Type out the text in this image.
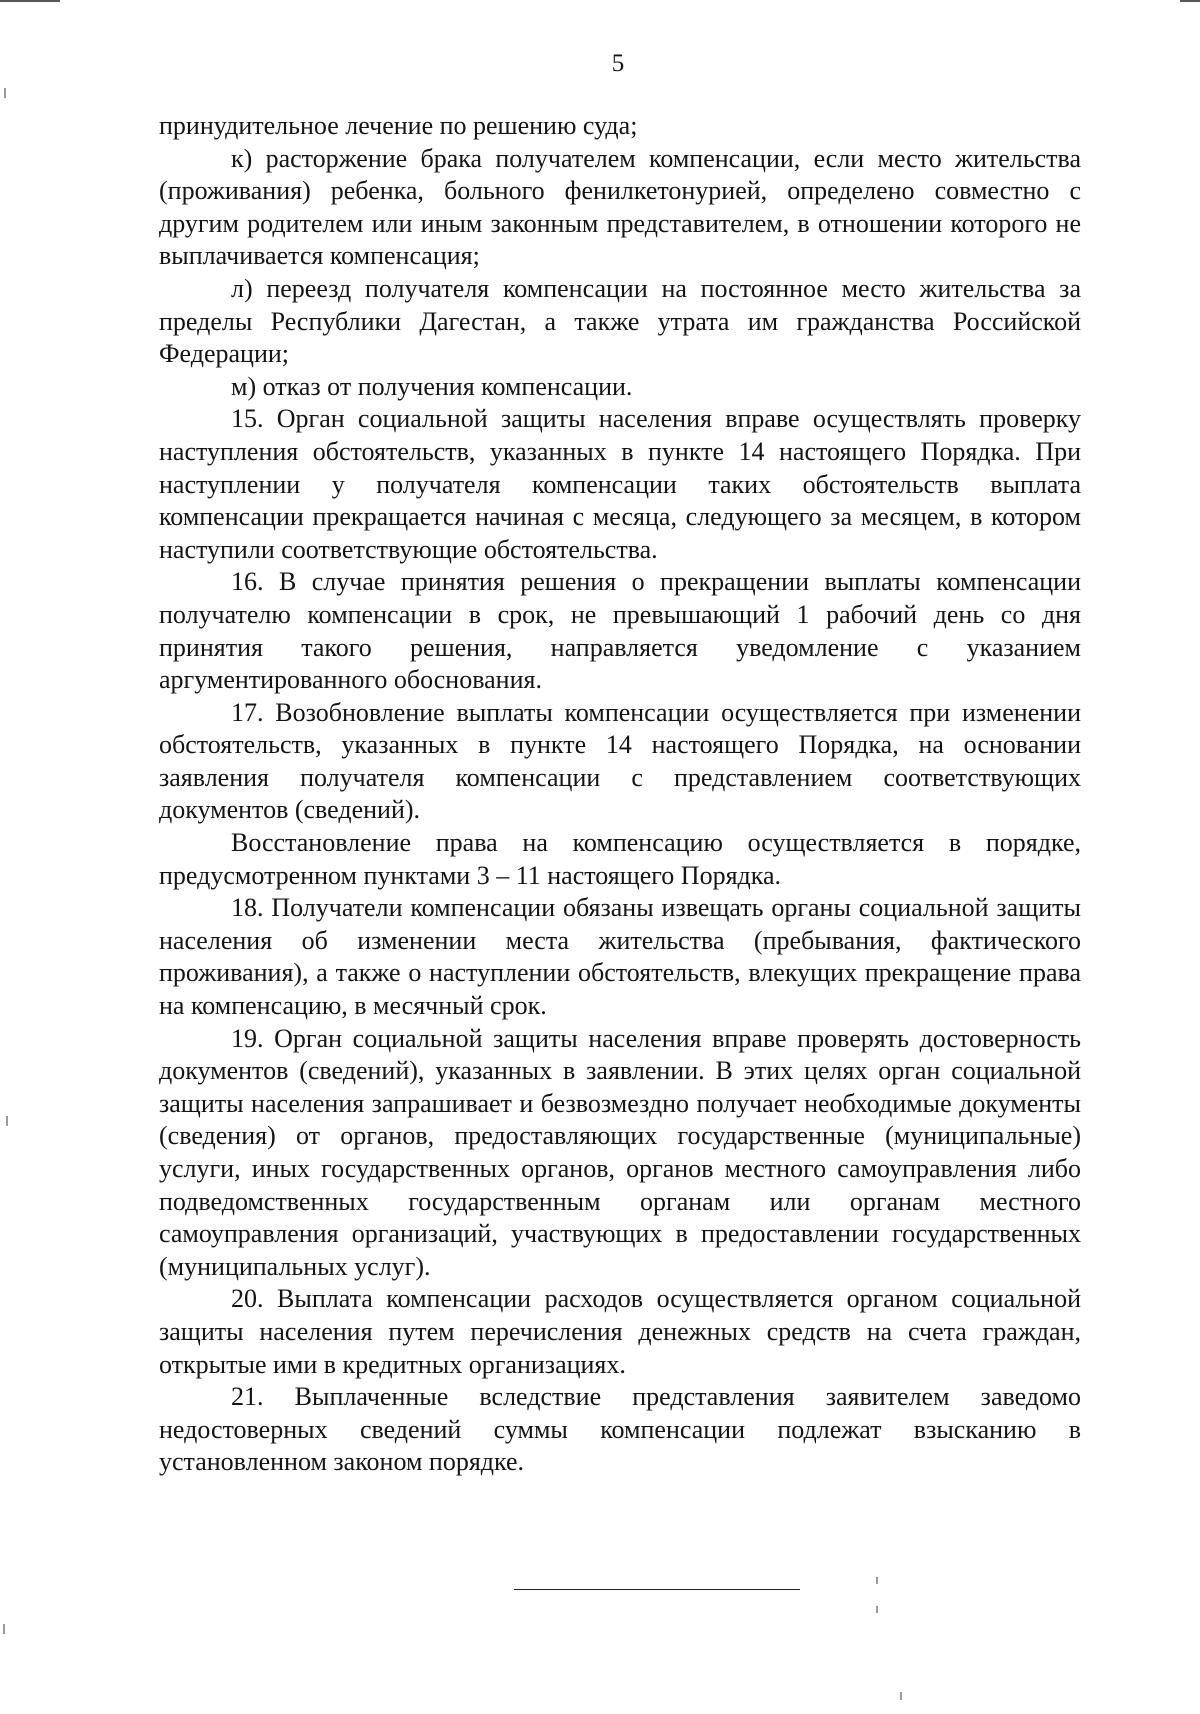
5

принудительное лечение по решению суда;

к) расторжение брака получателем компенсации, если место жительства (проживания) ребенка, больного фенилкетонурией, определено совместно с другим родителем или иным законным представителем, в отношении которого не выплачивается компенсация;

л) переезд получателя компенсации на постоянное место жительства за пределы Республики Дагестан, а также утрата им гражданства Российской Федерации;

м) отказ от получения компенсации.

15. Орган социальной защиты населения вправе осуществлять проверку наступления обстоятельств, указанных в пункте 14 настоящего Порядка. При наступлении у получателя компенсации таких обстоятельств выплата компенсации прекращается начиная с месяца, следующего за месяцем, в котором наступили соответствующие обстоятельства.

16. В случае принятия решения о прекращении выплаты компенсации получателю компенсации в срок, не превышающий 1 рабочий день со дня принятия такого решения, направляется уведомление с указанием аргументированного обоснования.

17. Возобновление выплаты компенсации осуществляется при изменении обстоятельств, указанных в пункте 14 настоящего Порядка, на основании заявления получателя компенсации с представлением соответствующих документов (сведений).

Восстановление права на компенсацию осуществляется в порядке, предусмотренном пунктами 3 – 11 настоящего Порядка.

18. Получатели компенсации обязаны извещать органы социальной защиты населения об изменении места жительства (пребывания, фактического проживания), а также о наступлении обстоятельств, влекущих прекращение права на компенсацию, в месячный срок.

19. Орган социальной защиты населения вправе проверять достоверность документов (сведений), указанных в заявлении. В этих целях орган социальной защиты населения запрашивает и безвозмездно получает необходимые документы (сведения) от органов, предоставляющих государственные (муниципальные) услуги, иных государственных органов, органов местного самоуправления либо подведомственных государственным органам или органам местного самоуправления организаций, участвующих в предоставлении государственных (муниципальных услуг).

20. Выплата компенсации расходов осуществляется органом социальной защиты населения путем перечисления денежных средств на счета граждан, открытые ими в кредитных организациях.

21. Выплаченные вследствие представления заявителем заведомо недостоверных сведений суммы компенсации подлежат взысканию в установленном законом порядке.
